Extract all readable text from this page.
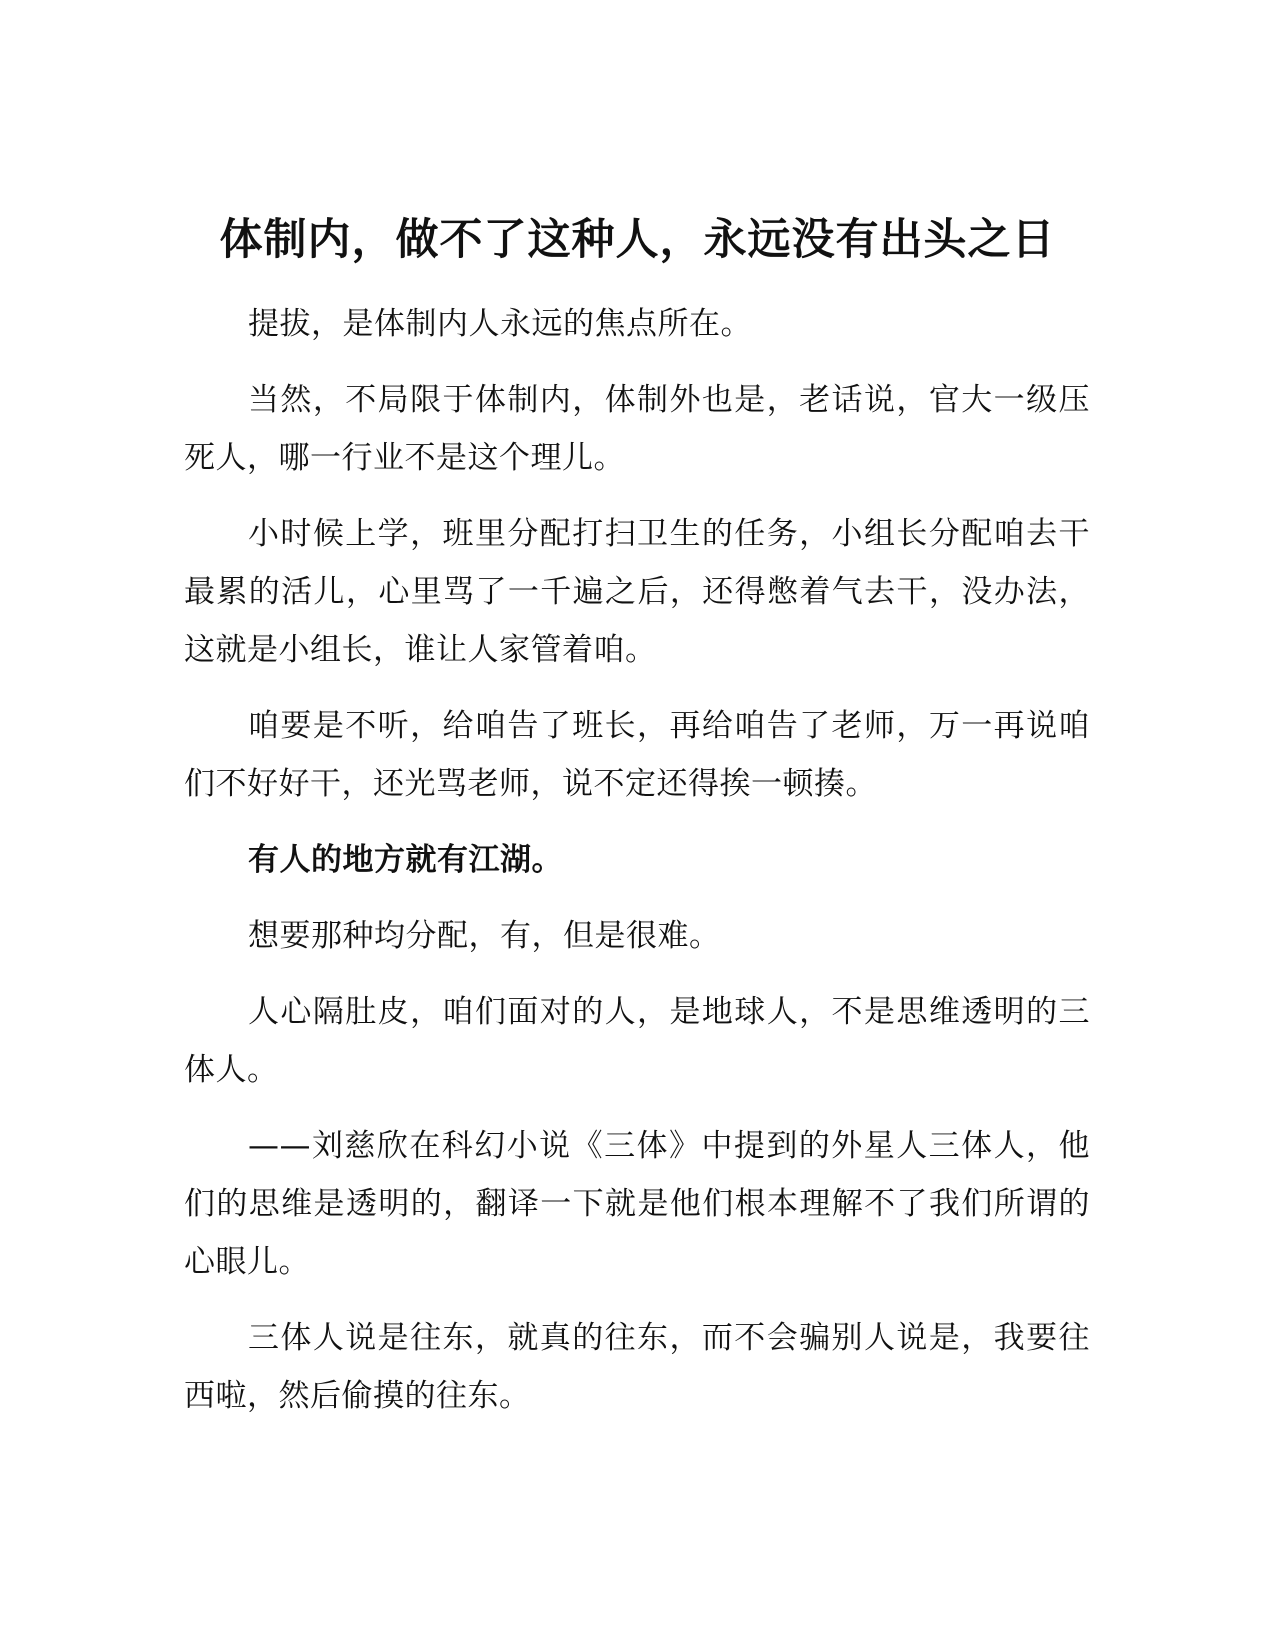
体制内，做不了这种人，永远没有出头之日

提拔，是体制内人永远的焦点所在。

当然，不局限于体制内，体制外也是，老话说，官大一级压死人，哪一行业不是这个理儿。

小时候上学，班里分配打扫卫生的任务，小组长分配咱去干最累的活儿，心里骂了一千遍之后，还得憋着气去干，没办法，这就是小组长，谁让人家管着咱。

咱要是不听，给咱告了班长，再给咱告了老师，万一再说咱们不好好干，还光骂老师，说不定还得挨一顿揍。

有人的地方就有江湖。

想要那种均分配，有，但是很难。

人心隔肚皮，咱们面对的人，是地球人，不是思维透明的三体人。

——刘慈欣在科幻小说《三体》中提到的外星人三体人，他们的思维是透明的，翻译一下就是他们根本理解不了我们所谓的心眼儿。

三体人说是往东，就真的往东，而不会骗别人说是，我要往西啦，然后偷摸的往东。
